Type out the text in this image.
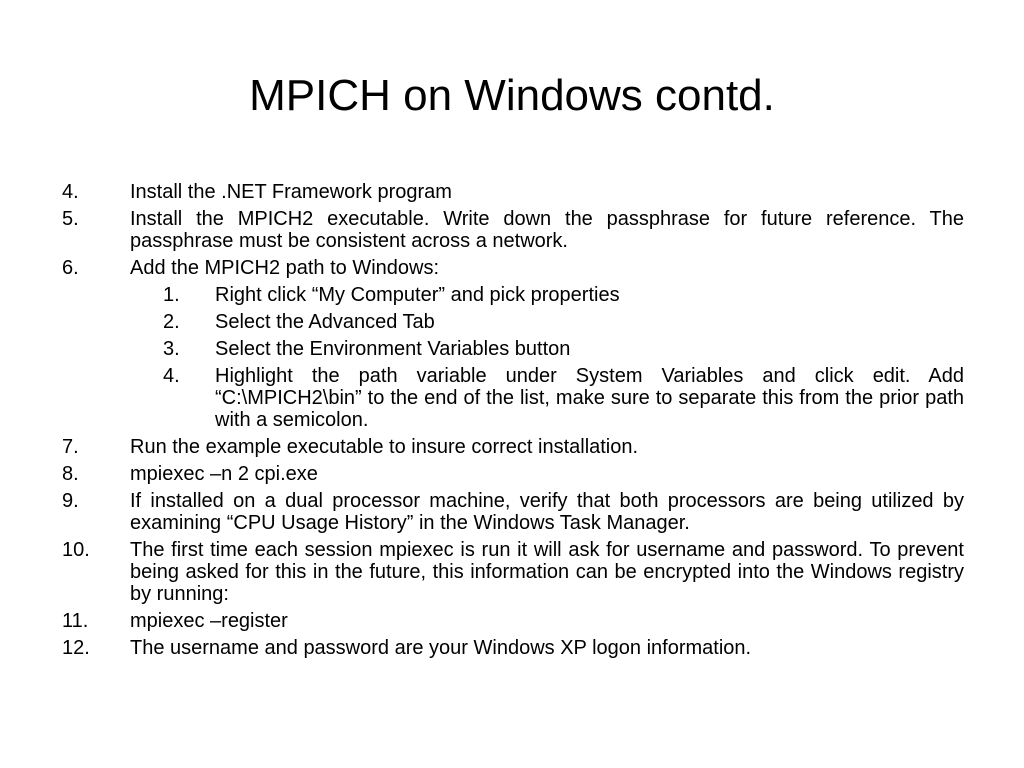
MPICH on Windows contd.
4.	Install the .NET Framework program
5.	Install the MPICH2 executable. Write down the passphrase for future reference. The passphrase must be consistent across a network.
6.	Add the MPICH2 path to Windows:
1.	Right click “My Computer” and pick properties
2.	Select the Advanced Tab
3.	Select the Environment Variables button
4.	Highlight the path variable under System Variables and click edit. Add “C:\MPICH2\bin” to the end of the list, make sure to separate this from the prior path with a semicolon.
7.	Run the example executable to insure correct installation.
8.	mpiexec –n 2 cpi.exe
9.	If installed on a dual processor machine, verify that both processors are being utilized by examining “CPU Usage History” in the Windows Task Manager.
10.	The first time each session mpiexec is run it will ask for username and password. To prevent being asked for this in the future, this information can be encrypted into the Windows registry by running:
11.	mpiexec –register
12.	The username and password are your Windows XP logon information.
